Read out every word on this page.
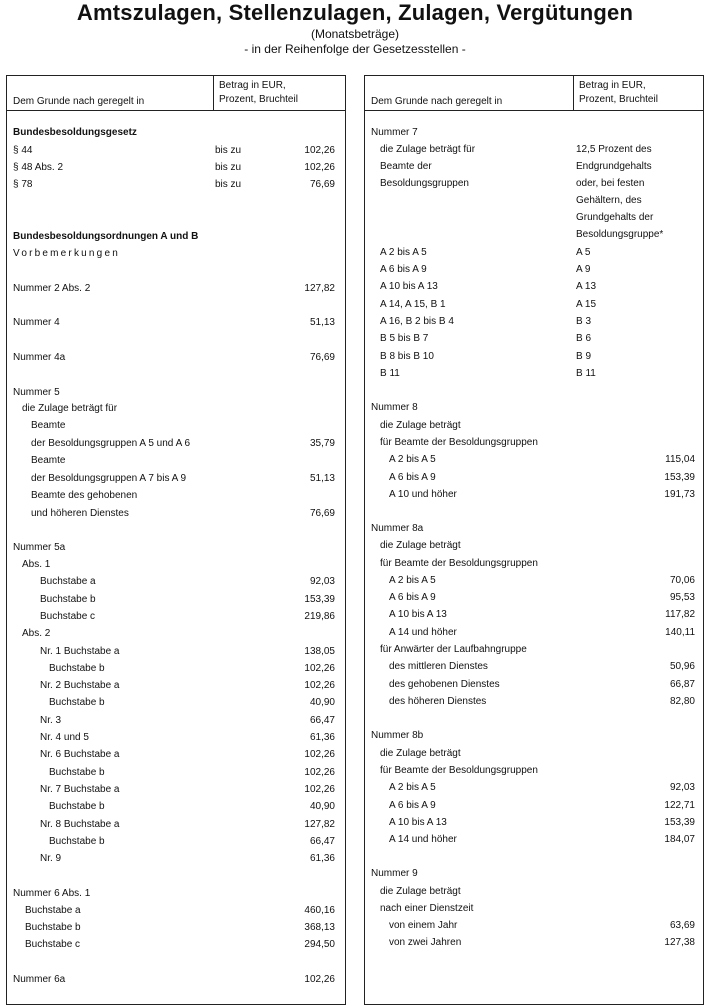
Amtszulagen, Stellenzulagen, Zulagen, Vergütungen
(Monatsbeträge)
- in der Reihenfolge der Gesetzesstellen -
Dem Grunde nach geregelt in
Betrag in EUR,
Prozent, Bruchteil
Bundesbesoldungsgesetz
§ 44	bis zu	102,26
§ 48 Abs. 2	bis zu	102,26
§ 78	bis zu	76,69
Bundesbesoldungsordnungen A und B
Vorbemerkungen
Nummer 2 Abs. 2	127,82
Nummer 4	51,13
Nummer 4a	76,69
Nummer 5
die Zulage beträgt für
Beamte
der Besoldungsgruppen A 5 und A 6	35,79
Beamte
der Besoldungsgruppen A 7 bis A 9	51,13
Beamte des gehobenen
und höheren Dienstes	76,69
Nummer 5a
Abs. 1
Buchstabe a	92,03
Buchstabe b	153,39
Buchstabe c	219,86
Abs. 2
Nr. 1 Buchstabe a	138,05
Buchstabe b	102,26
Nr. 2 Buchstabe a	102,26
Buchstabe b	40,90
Nr. 3	66,47
Nr. 4 und 5	61,36
Nr. 6 Buchstabe a	102,26
Buchstabe b	102,26
Nr. 7 Buchstabe a	102,26
Buchstabe b	40,90
Nr. 8 Buchstabe a	127,82
Buchstabe b	66,47
Nr. 9	61,36
Nummer 6 Abs. 1
Buchstabe a	460,16
Buchstabe b	368,13
Buchstabe c	294,50
Nummer 6a	102,26
Dem Grunde nach geregelt in
Betrag in EUR,
Prozent, Bruchteil
Nummer 7
die Zulage beträgt für	12,5 Prozent des
Beamte der	Endgrundgehalts
Besoldungsgruppen	oder, bei festen
Gehältern, des
Grundgehalts der
Besoldungsgruppe*
A 2 bis A 5	A 5
A 6 bis A 9	A 9
A 10 bis A 13	A 13
A 14, A 15, B 1	A 15
A 16, B 2 bis B 4	B 3
B 5 bis B 7	B 6
B 8 bis B 10	B 9
B 11	B 11
Nummer 8
die Zulage beträgt
für Beamte der Besoldungsgruppen
A 2 bis A 5	115,04
A 6 bis A 9	153,39
A 10 und höher	191,73
Nummer 8a
die Zulage beträgt
für Beamte der Besoldungsgruppen
A 2 bis A 5	70,06
A 6 bis A 9	95,53
A 10 bis A 13	117,82
A 14 und höher	140,11
für Anwärter der Laufbahngruppe
des mittleren Dienstes	50,96
des gehobenen Dienstes	66,87
des höheren Dienstes	82,80
Nummer 8b
die Zulage beträgt
für Beamte der Besoldungsgruppen
A 2 bis A 5	92,03
A 6 bis A 9	122,71
A 10 bis A 13	153,39
A 14 und höher	184,07
Nummer 9
die Zulage beträgt
nach einer Dienstzeit
von einem Jahr	63,69
von zwei Jahren	127,38
